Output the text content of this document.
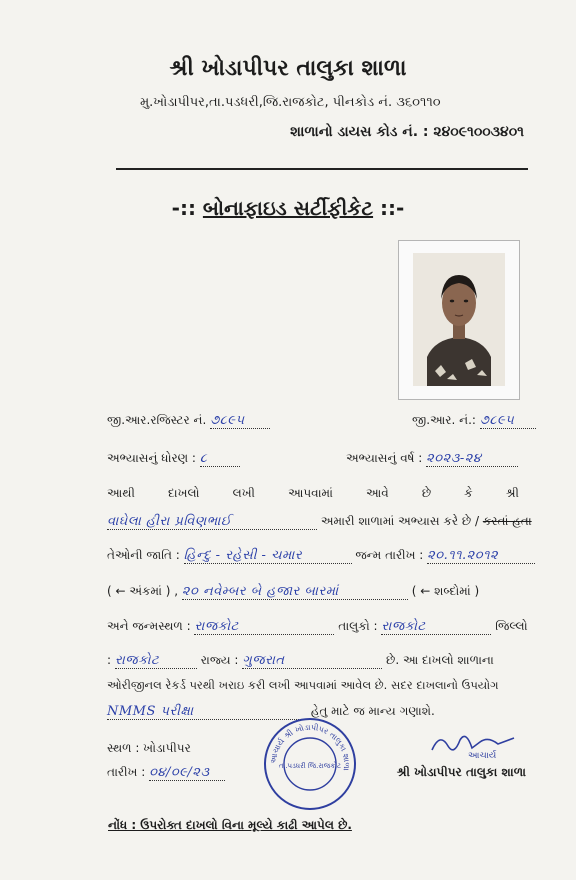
શ્રી ખોડાપીપર તાલુકા શાળા
મુ.ખોડાપીપર,તા.પડધરી,જિ.રાજકોટ, પીનકોડ નં. ૩૬૦૧૧૦
શાળાનો ડાયસ કોડ નં. : ૨૪૦૯૧૦૦૩૪૦૧
-:: બોનાફાઇડ સર્ટીફીકેટ ::-
જી.આર.રજિસ્ટર નં. ૭૮૯૫	જી.આર. નં.: ૭૮૯૫
અભ્યાસનું ધોરણ : ૮	અભ્યાસનું વર્ષ : ૨૦૨૩-૨૪
આથી	દાખલો	લખી	આપવામાં	આવે	છે	કે	શ્રી
વાઘેલા હીરા પ્રવિણભાઈ	અમારી શાળામાં અભ્યાસ કરે છે / કરતાં હતા
તેઓની જાતિ : હિન્દુ - રહેસી - ચમાર	જન્મ તારીખ : ૨૦.૧૧.૨૦૧૨
( ← અંકમાં ) , ૨૦ નવેમ્બર બે હજાર બારમાં	( ← શબ્દોમાં )
અને જન્મસ્થળ : રાજકોટ	તાલુકો : રાજકોટ	જિલ્લો
: રાજકોટ	રાજ્ય : ગુજરાત	છે. આ દાખલો શાળાના
ઓરીજીનલ રેકર્ડ પરથી ખરાઇ કરી લખી આપવામાં આવેલ છે. સદર દાખલાનો ઉપયોગ
NMMS પરીક્ષા	હેતુ માટે જ માન્ય ગણાશે.
સ્થળ : ખોડાપીપર
તારીખ : ૦૪/૦૯/૨૩
આચાર્ય શ્રી ખોડાપીપર તાલુકા શાળા
તા.પડધરી જિ.રાજકોટ
આચાર્ય
શ્રી ખોડાપીપર તાલુકા શાળા
નોંધ : ઉપરોક્ત દાખલો વિના મૂલ્યે કાઢી આપેલ છે.
